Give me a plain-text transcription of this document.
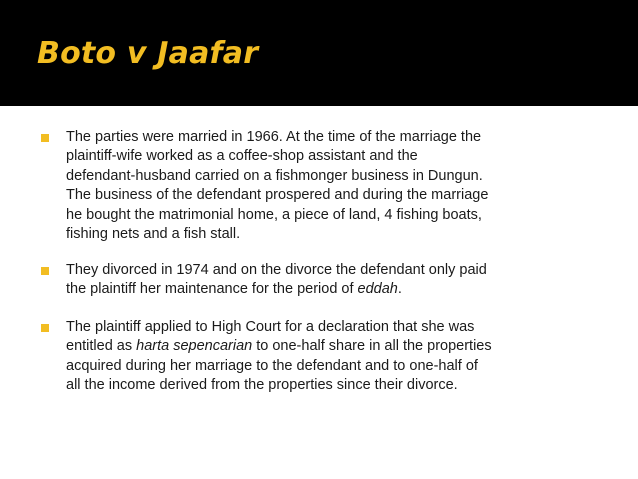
Boto v Jaafar

The parties were married in 1966. At the time of the marriage the
plaintiff-wife worked as a coffee-shop assistant and the
defendant-husband carried on a fishmonger business in Dungun.
The business of the defendant prospered and during the marriage
he bought the matrimonial home, a piece of land, 4 fishing boats,
fishing nets and a fish stall.

They divorced in 1974 and on the divorce the defendant only paid
the plaintiff her maintenance for the period of eddah.

The plaintiff applied to High Court for a declaration that she was
entitled as harta sepencarian to one-half share in all the properties
acquired during her marriage to the defendant and to one-half of
all the income derived from the properties since their divorce.
